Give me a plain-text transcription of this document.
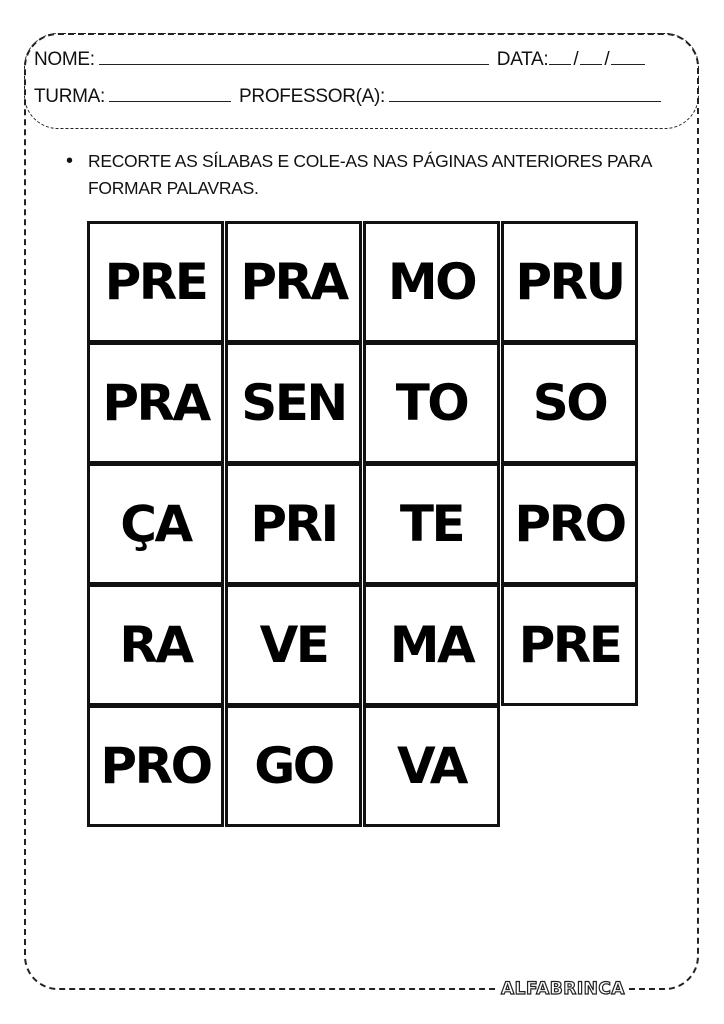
NOME:	DATA: / /
TURMA:	PROFESSOR(A):
• RECORTE AS SÍLABAS E COLE-AS NAS PÁGINAS ANTERIORES PARA FORMAR PALAVRAS.
PRE PRA MO PRU
PRA SEN TO SO
ÇA PRI TE PRO
RA VE MA PRE
PRO GO VA
ALFABRINCA
